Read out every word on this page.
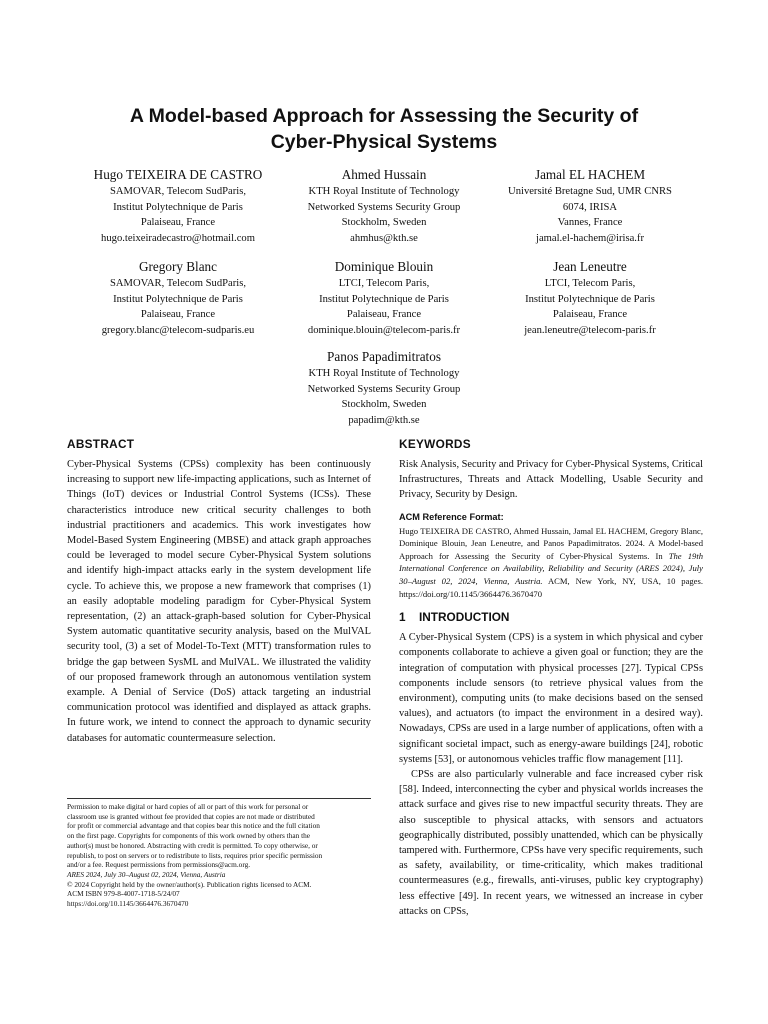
A Model-based Approach for Assessing the Security of
Cyber-Physical Systems
Hugo TEIXEIRA DE CASTRO
SAMOVAR, Telecom SudParis,
Institut Polytechnique de Paris
Palaiseau, France
hugo.teixeiradecastro@hotmail.com
Ahmed Hussain
KTH Royal Institute of Technology
Networked Systems Security Group
Stockholm, Sweden
ahmhus@kth.se
Jamal EL HACHEM
Université Bretagne Sud, UMR CNRS
6074, IRISA
Vannes, France
jamal.el-hachem@irisa.fr
Gregory Blanc
SAMOVAR, Telecom SudParis,
Institut Polytechnique de Paris
Palaiseau, France
gregory.blanc@telecom-sudparis.eu
Dominique Blouin
LTCI, Telecom Paris,
Institut Polytechnique de Paris
Palaiseau, France
dominique.blouin@telecom-paris.fr
Jean Leneutre
LTCI, Telecom Paris,
Institut Polytechnique de Paris
Palaiseau, France
jean.leneutre@telecom-paris.fr
Panos Papadimitratos
KTH Royal Institute of Technology
Networked Systems Security Group
Stockholm, Sweden
papadim@kth.se
ABSTRACT

Cyber-Physical Systems (CPSs) complexity has been continuously increasing to support new life-impacting applications, such as Internet of Things (IoT) devices or Industrial Control Systems (ICSs). These characteristics introduce new critical security challenges to both industrial practitioners and academics. This work investigates how Model-Based System Engineering (MBSE) and attack graph approaches could be leveraged to model secure Cyber-Physical System solutions and identify high-impact attacks early in the system development life cycle. To achieve this, we propose a new framework that comprises (1) an easily adoptable modeling paradigm for Cyber-Physical System representation, (2) an attack-graph-based solution for Cyber-Physical System automatic quantitative security analysis, based on the MulVAL security tool, (3) a set of Model-To-Text (MTT) transformation rules to bridge the gap between SysML and MulVAL. We illustrated the validity of our proposed framework through an autonomous ventilation system example. A Denial of Service (DoS) attack targeting an industrial communication protocol was identified and displayed as attack graphs. In future work, we intend to connect the approach to dynamic security databases for automatic countermeasure selection.

Permission to make digital or hard copies of all or part of this work for personal or
classroom use is granted without fee provided that copies are not made or distributed
for profit or commercial advantage and that copies bear this notice and the full citation
on the first page. Copyrights for components of this work owned by others than the
author(s) must be honored. Abstracting with credit is permitted. To copy otherwise, or
republish, to post on servers or to redistribute to lists, requires prior specific permission
and/or a fee. Request permissions from permissions@acm.org.
ARES 2024, July 30–August 02, 2024, Vienna, Austria
© 2024 Copyright held by the owner/author(s). Publication rights licensed to ACM.
ACM ISBN 979-8-4007-1718-5/24/07
https://doi.org/10.1145/3664476.3670470
KEYWORDS

Risk Analysis, Security and Privacy for Cyber-Physical Systems, Critical Infrastructures, Threats and Attack Modelling, Usable Security and Privacy, Security by Design.

ACM Reference Format:
Hugo TEIXEIRA DE CASTRO, Ahmed Hussain, Jamal EL HACHEM, Gregory Blanc, Dominique Blouin, Jean Leneutre, and Panos Papadimitratos. 2024. A Model-based Approach for Assessing the Security of Cyber-Physical Systems. In The 19th International Conference on Availability, Reliability and Security (ARES 2024), July 30–August 02, 2024, Vienna, Austria. ACM, New York, NY, USA, 10 pages. https://doi.org/10.1145/3664476.3670470
1 INTRODUCTION

A Cyber-Physical System (CPS) is a system in which physical and cyber components collaborate to achieve a given goal or function; they are the integration of computation with physical processes [27]. Typical CPSs components include sensors (to retrieve physical values from the environment), computing units (to make decisions based on the sensed values), and actuators (to impact the environment in a desired way). Nowadays, CPSs are used in a large number of applications, often with a significant societal impact, such as energy-aware buildings [24], robotic systems [53], or autonomous vehicles traffic flow management [11].

CPSs are also particularly vulnerable and face increased cyber risk [58]. Indeed, interconnecting the cyber and physical worlds increases the attack surface and gives rise to new impactful security threats. They are also susceptible to physical attacks, with sensors and actuators geographically distributed, possibly unattended, which can be physically tampered with. Furthermore, CPSs have very specific requirements, such as safety, availability, or time-criticality, which makes traditional countermeasures (e.g., firewalls, anti-viruses, public key cryptography) less effective [49]. In recent years, we witnessed an increase in cyber attacks on CPSs,
